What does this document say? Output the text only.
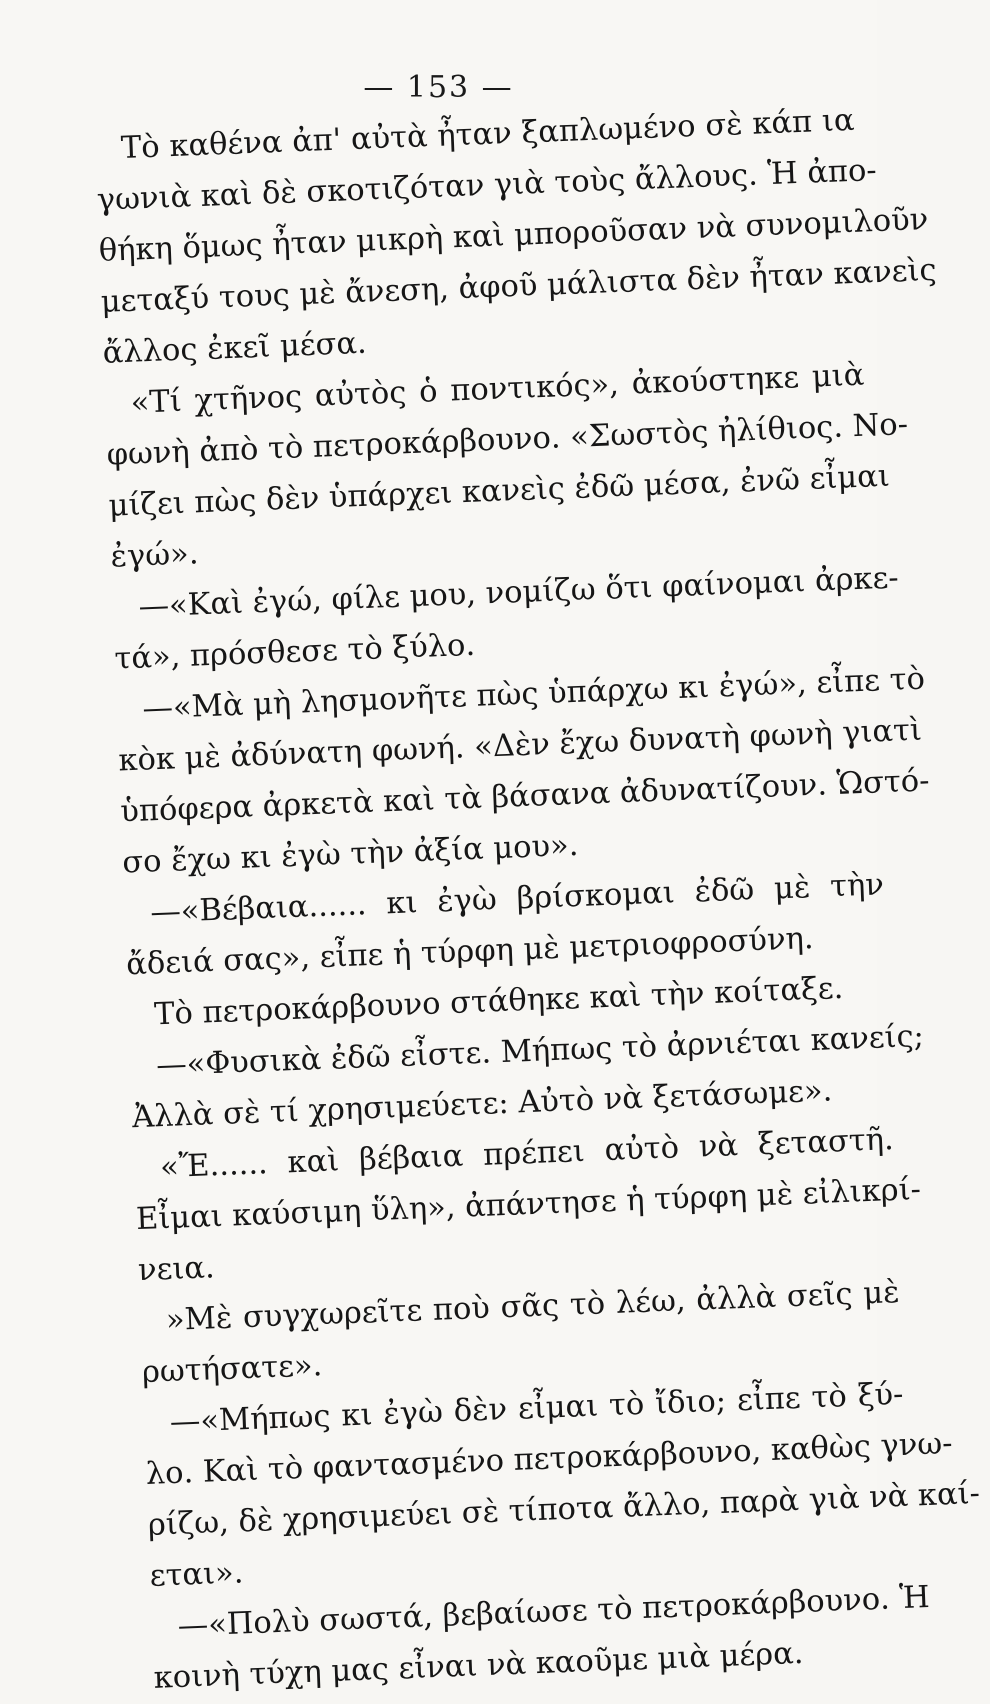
— 153 —
Τὸ καθένα ἀπ' αὐτὰ ἦταν ξαπλωμένο σὲ κάπ ια
γωνιὰ καὶ δὲ σκοτιζόταν γιὰ τοὺς ἄλλους. Ἡ ἀπο-
θήκη ὅμως ἦταν μικρὴ καὶ μποροῦσαν νὰ συνομιλοῦν
μεταξύ τους μὲ ἄνεση, ἀφοῦ μάλιστα δὲν ἦταν κανεὶς
ἄλλος ἐκεῖ μέσα.
«Τί χτῆνος αὐτὸς ὁ ποντικός», ἀκούστηκε μιὰ
φωνὴ ἀπὸ τὸ πετροκάρβουνο. «Σωστὸς ἠλίθιος. Νο-
μίζει πὼς δὲν ὑπάρχει κανεὶς ἐδῶ μέσα, ἐνῶ εἶμαι
ἐγώ».
—«Καὶ ἐγώ, φίλε μου, νομίζω ὅτι φαίνομαι ἀρκε-
τά», πρόσθεσε τὸ ξύλο.
—«Μὰ μὴ λησμονῆτε πὼς ὑπάρχω κι ἐγώ», εἶπε τὸ
κὸκ μὲ ἀδύνατη φωνή. «Δὲν ἔχω δυνατὴ φωνὴ γιατὶ
ὑπόφερα ἀρκετὰ καὶ τὰ βάσανα ἀδυνατίζουν. Ὡστό-
σο ἔχω κι ἐγὼ τὴν ἀξία μου».
—«Βέβαια...... κι ἐγὼ βρίσκομαι ἐδῶ μὲ τὴν
ἄδειά σας», εἶπε ἡ τύρφη μὲ μετριοφροσύνη.
Τὸ πετροκάρβουνο στάθηκε καὶ τὴν κοίταξε.
—«Φυσικὰ ἐδῶ εἶστε. Μήπως τὸ ἀρνιέται κανείς;
Ἀλλὰ σὲ τί χρησιμεύετε: Αὐτὸ νὰ ξετάσωμε».
«Ἔ...... καὶ βέβαια πρέπει αὐτὸ νὰ ξεταστῆ.
Εἶμαι καύσιμη ὕλη», ἀπάντησε ἡ τύρφη μὲ εἰλικρί-
νεια.
»Μὲ συγχωρεῖτε ποὺ σᾶς τὸ λέω, ἀλλὰ σεῖς μὲ
ρωτήσατε».
—«Μήπως κι ἐγὼ δὲν εἶμαι τὸ ἴδιο; εἶπε τὸ ξύ-
λο. Καὶ τὸ φαντασμένο πετροκάρβουνο, καθὼς γνω-
ρίζω, δὲ χρησιμεύει σὲ τίποτα ἄλλο, παρὰ γιὰ νὰ καί-
εται».
—«Πολὺ σωστά, βεβαίωσε τὸ πετροκάρβουνο. Ἡ
κοινὴ τύχη μας εἶναι νὰ καοῦμε μιὰ μέρα.
